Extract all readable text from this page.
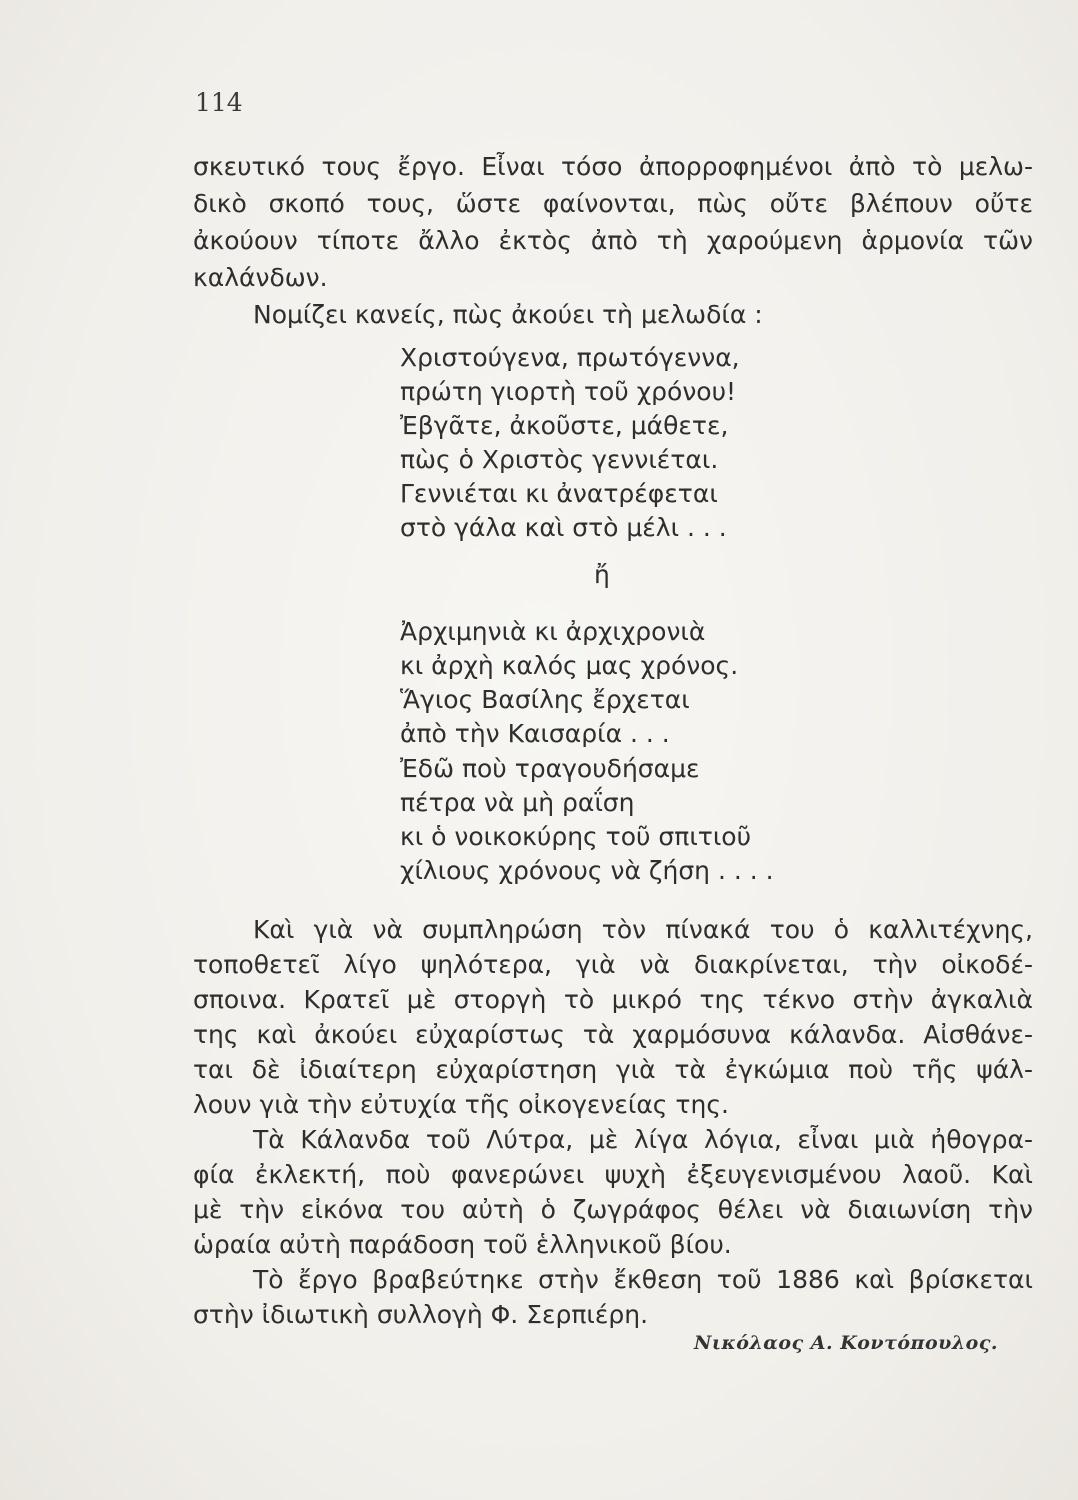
114
σκευτικό τους ἔργο. Εἶναι τόσο ἀπορροφημένοι ἀπὸ τὸ μελω-
δικὸ σκοπό τους, ὥστε φαίνονται, πὼς οὔτε βλέπουν οὔτε
ἀκούουν τίποτε ἄλλο ἐκτὸς ἀπὸ τὴ χαρούμενη ἁρμονία τῶν
καλάνδων.
Νομίζει κανείς, πὼς ἀκούει τὴ μελωδία :
Χριστούγενα, πρωτόγεννα,
πρώτη γιορτὴ τοῦ χρόνου!
Ἐβγᾶτε, ἀκοῦστε, μάθετε,
πὼς ὁ Χριστὸς γεννιέται.
Γεννιέται κι ἀνατρέφεται
στὸ γάλα καὶ στὸ μέλι . . .
ἤ
Ἀρχιμηνιὰ κι ἀρχιχρονιὰ
κι ἀρχὴ καλός μας χρόνος.
Ἅγιος Βασίλης ἔρχεται
ἀπὸ τὴν Καισαρία . . .
Ἐδῶ ποὺ τραγουδήσαμε
πέτρα νὰ μὴ ραΐση
κι ὁ νοικοκύρης τοῦ σπιτιοῦ
χίλιους χρόνους νὰ ζήση . . . .
Καὶ γιὰ νὰ συμπληρώση τὸν πίνακά του ὁ καλλιτέχνης,
τοποθετεῖ λίγο ψηλότερα, γιὰ νὰ διακρίνεται, τὴν οἰκοδέ-
σποινα. Κρατεῖ μὲ στοργὴ τὸ μικρό της τέκνο στὴν ἀγκαλιὰ
της καὶ ἀκούει εὐχαρίστως τὰ χαρμόσυνα κάλανδα. Αἰσθάνε-
ται δὲ ἰδιαίτερη εὐχαρίστηση γιὰ τὰ ἐγκώμια ποὺ τῆς ψάλ-
λουν γιὰ τὴν εὐτυχία τῆς οἰκογενείας της.
Τὰ Κάλανδα τοῦ Λύτρα, μὲ λίγα λόγια, εἶναι μιὰ ἠθογρα-
φία ἐκλεκτή, ποὺ φανερώνει ψυχὴ ἐξευγενισμένου λαοῦ. Καὶ
μὲ τὴν εἰκόνα του αὐτὴ ὁ ζωγράφος θέλει νὰ διαιωνίση τὴν
ὡραία αὐτὴ παράδοση τοῦ ἑλληνικοῦ βίου.
Τὸ ἔργο βραβεύτηκε στὴν ἔκθεση τοῦ 1886 καὶ βρίσκεται
στὴν ἰδιωτικὴ συλλογὴ Φ. Σερπιέρη.
Νικόλαος Α. Κοντόπουλος.
